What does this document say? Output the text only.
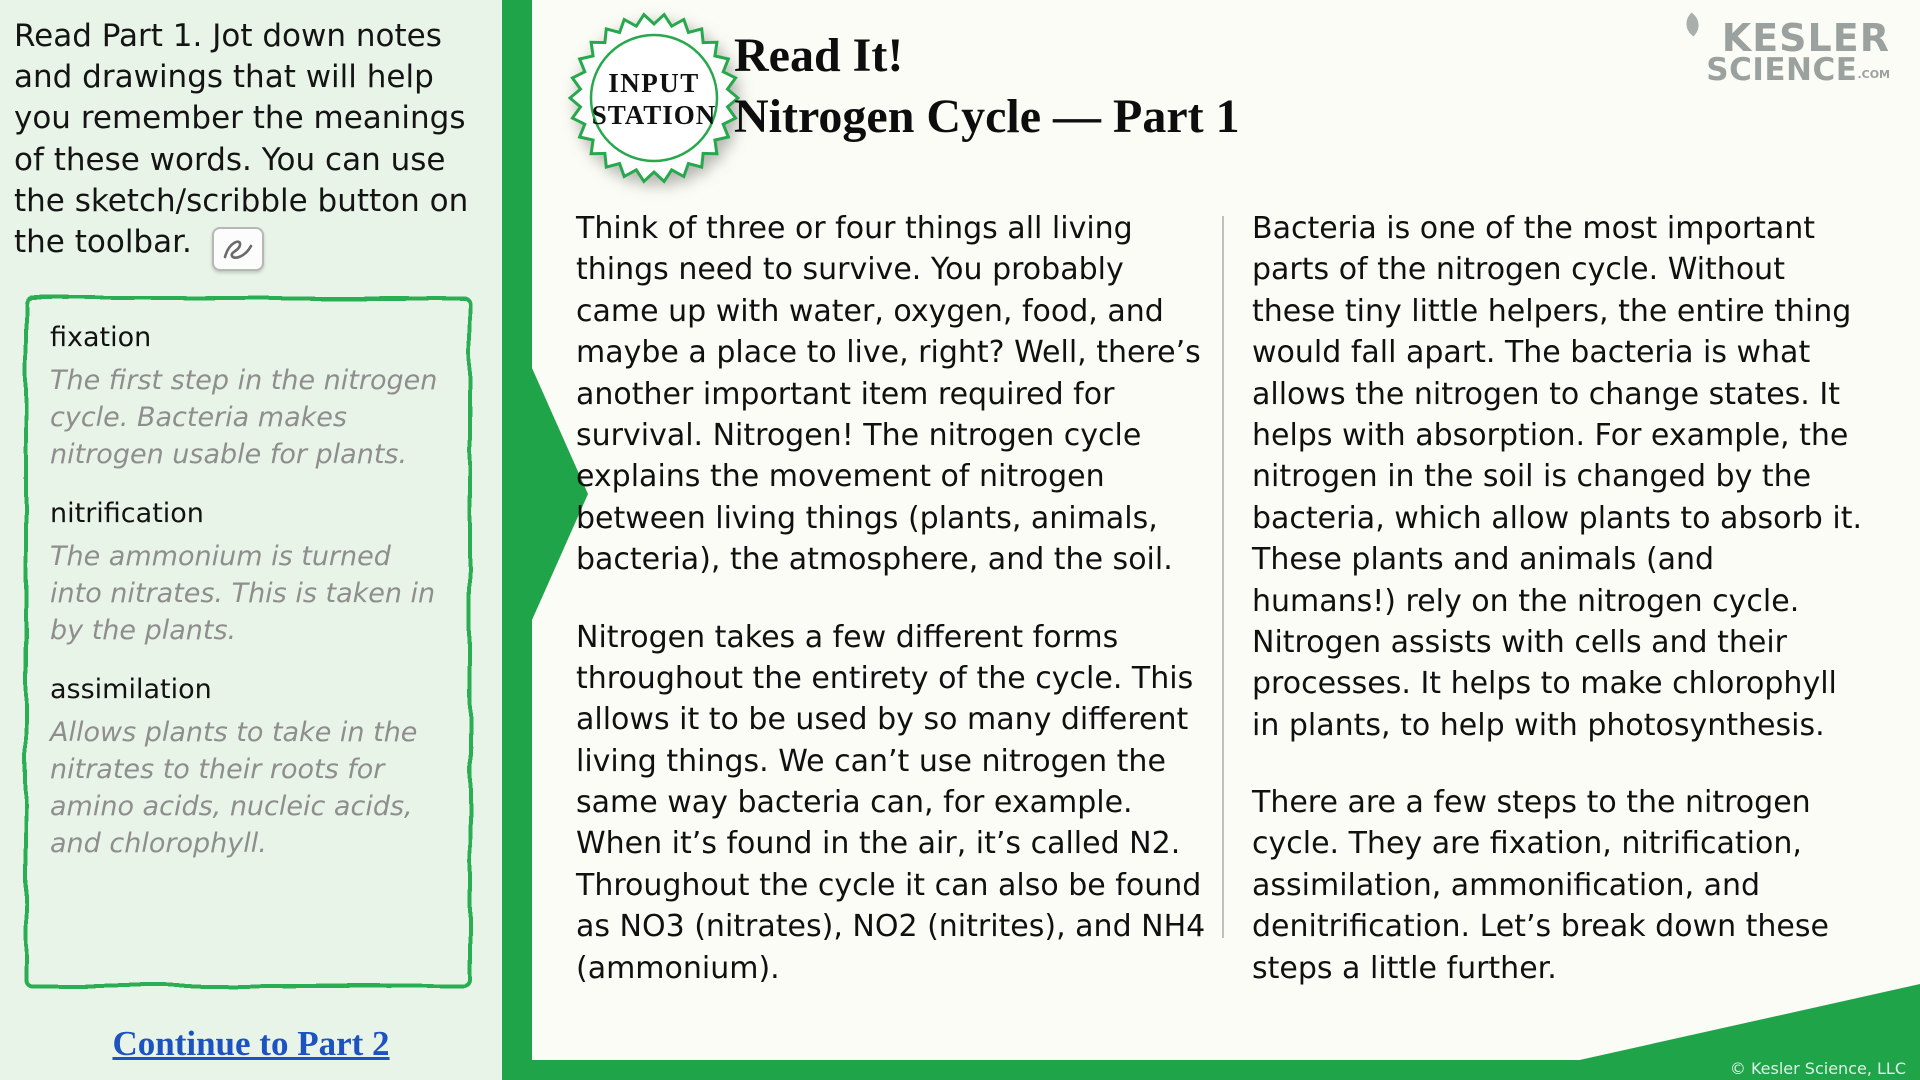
Read Part 1. Jot down notes and drawings that will help you remember the meanings of these words. You can use the sketch/scribble button on the toolbar.
fixation
The first step in the nitrogen cycle. Bacteria makes nitrogen usable for plants.
nitrification
The ammonium is turned into nitrates. This is taken in by the plants.
assimilation
Allows plants to take in the nitrates to their roots for amino acids, nucleic acids, and chlorophyll.
Continue to Part 2
INPUT
STATION
Read It!
Nitrogen Cycle — Part 1
KESLER
SCIENCE.COM

Think of three or four things all living things need to survive. You probably came up with water, oxygen, food, and maybe a place to live, right? Well, there’s another important item required for survival. Nitrogen! The nitrogen cycle explains the movement of nitrogen between living things (plants, animals, bacteria), the atmosphere, and the soil.

Nitrogen takes a few different forms throughout the entirety of the cycle. This allows it to be used by so many different living things. We can’t use nitrogen the same way bacteria can, for example. When it’s found in the air, it’s called N2. Throughout the cycle it can also be found as NO3 (nitrates), NO2 (nitrites), and NH4 (ammonium).

Bacteria is one of the most important parts of the nitrogen cycle. Without these tiny little helpers, the entire thing would fall apart. The bacteria is what allows the nitrogen to change states. It helps with absorption. For example, the nitrogen in the soil is changed by the bacteria, which allow plants to absorb it. These plants and animals (and humans!) rely on the nitrogen cycle. Nitrogen assists with cells and their processes. It helps to make chlorophyll in plants, to help with photosynthesis.

There are a few steps to the nitrogen cycle. They are fixation, nitrification, assimilation, ammonification, and denitrification. Let’s break down these steps a little further.

© Kesler Science, LLC
